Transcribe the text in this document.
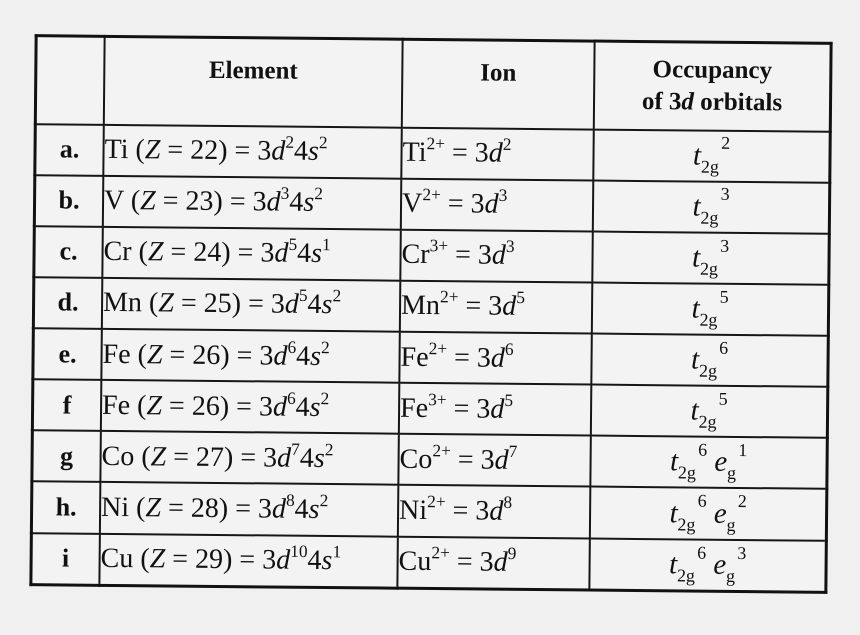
	Element	Ion	Occupancy
of 3d orbitals
a.	Ti $(Z = 22) = 3d^24s^2$	$Ti^{2+} = 3d^2$	$t_{2g}^2$
b.	V $(Z = 23) = 3d^34s^2$	$V^{2+} = 3d^3$	$t_{2g}^3$
c.	Cr $(Z = 24) = 3d^54s^1$	$Cr^{3+} = 3d^3$	$t_{2g}^3$
d.	Mn $(Z = 25) = 3d^54s^2$	$Mn^{2+} = 3d^5$	$t_{2g}^5$
e.	Fe $(Z = 26) = 3d^64s^2$	$Fe^{2+} = 3d^6$	$t_{2g}^6$
f	Fe $(Z = 26) = 3d^64s^2$	$Fe^{3+} = 3d^5$	$t_{2g}^5$
g	Co $(Z = 27) = 3d^74s^2$	$Co^{2+} = 3d^7$	$t_{2g}^6$ $e_g^1$
h.	Ni $(Z = 28) = 3d^84s^2$	$Ni^{2+} = 3d^8$	$t_{2g}^6$ $e_g^2$
i	Cu $(Z = 29) = 3d^{10}4s^1$	$Cu^{2+} = 3d^9$	$t_{2g}^6$ $e_g^3$
